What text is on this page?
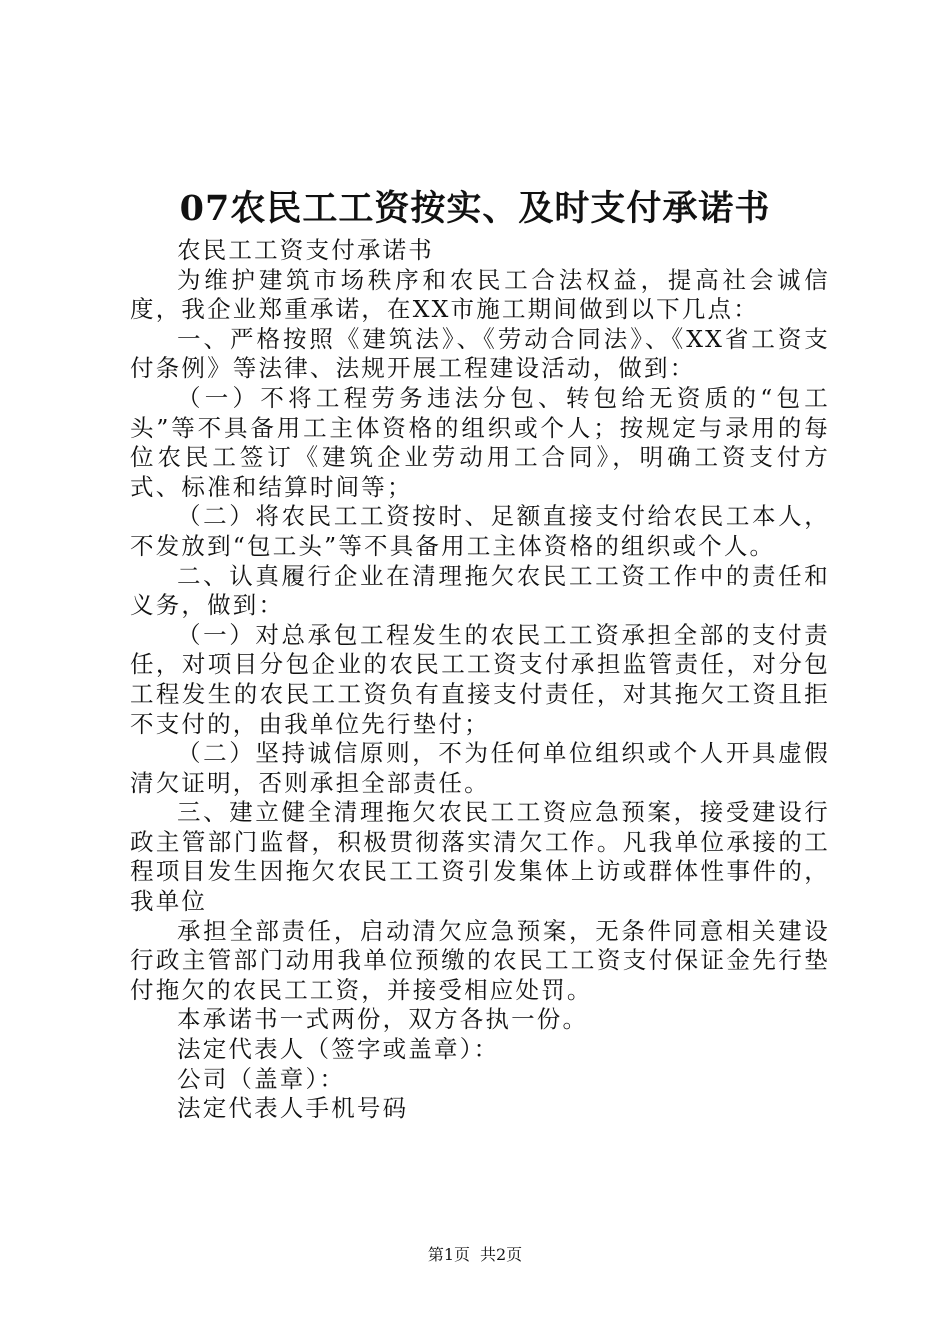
07农民工工资按实、及时支付承诺书

农民工工资支付承诺书

为维护建筑市场秩序和农民工合法权益，提高社会诚信度，我企业郑重承诺，在XX市施工期间做到以下几点：

一、严格按照《建筑法》、《劳动合同法》、《XX省工资支付条例》等法律、法规开展工程建设活动，做到：

（一）不将工程劳务违法分包、转包给无资质的“包工头”等不具备用工主体资格的组织或个人；按规定与录用的每位农民工签订《建筑企业劳动用工合同》，明确工资支付方式、标准和结算时间等；

（二）将农民工工资按时、足额直接支付给农民工本人，不发放到“包工头”等不具备用工主体资格的组织或个人。

二、认真履行企业在清理拖欠农民工工资工作中的责任和义务，做到：

（一）对总承包工程发生的农民工工资承担全部的支付责任，对项目分包企业的农民工工资支付承担监管责任，对分包工程发生的农民工工资负有直接支付责任，对其拖欠工资且拒不支付的，由我单位先行垫付；

（二）坚持诚信原则，不为任何单位组织或个人开具虚假清欠证明，否则承担全部责任。

三、建立健全清理拖欠农民工工资应急预案，接受建设行政主管部门监督，积极贯彻落实清欠工作。凡我单位承接的工程项目发生因拖欠农民工工资引发集体上访或群体性事件的，我单位

承担全部责任，启动清欠应急预案，无条件同意相关建设行政主管部门动用我单位预缴的农民工工资支付保证金先行垫付拖欠的农民工工资，并接受相应处罚。

本承诺书一式两份，双方各执一份。

法定代表人（签字或盖章）：

公司（盖章）：

法定代表人手机号码

第1页 共2页
